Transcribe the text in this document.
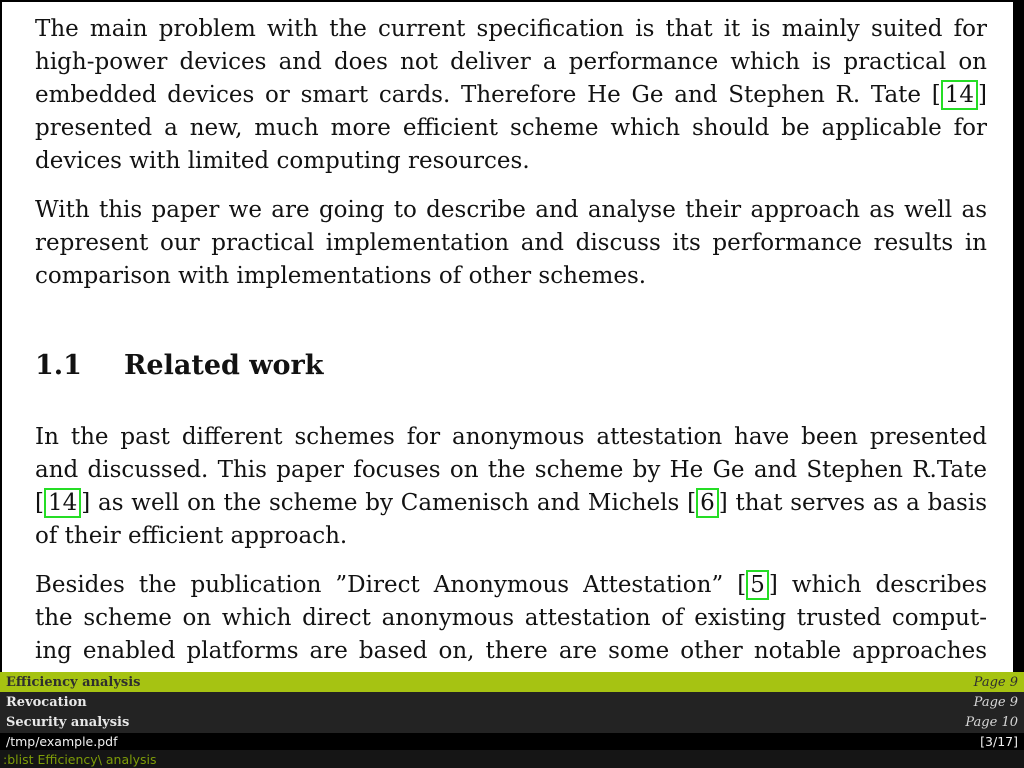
The main problem with the current specification is that it is mainly suited for
high-power devices and does not deliver a performance which is practical on
embedded devices or smart cards. Therefore He Ge and Stephen R. Tate [ 14 ]
presented a new, much more efficient scheme which should be applicable for
devices with limited computing resources.
With this paper we are going to describe and analyse their approach as well as
represent our practical implementation and discuss its performance results in
comparison with implementations of other schemes.
1.1 Related work
In the past different schemes for anonymous attestation have been presented
and discussed. This paper focuses on the scheme by He Ge and Stephen R.Tate
[ 14 ] as well on the scheme by Camenisch and Michels [ 6 ] that serves as a basis
of their efficient approach.
Besides the publication ”Direct Anonymous Attestation” [ 5 ] which describes
the scheme on which direct anonymous attestation of existing trusted comput-
ing enabled platforms are based on, there are some other notable approaches
Efficiency analysis	Page 9
Revocation	Page 9
Security analysis	Page 10
/tmp/example.pdf	[3/17]
:blist Efficiency\ analysis
